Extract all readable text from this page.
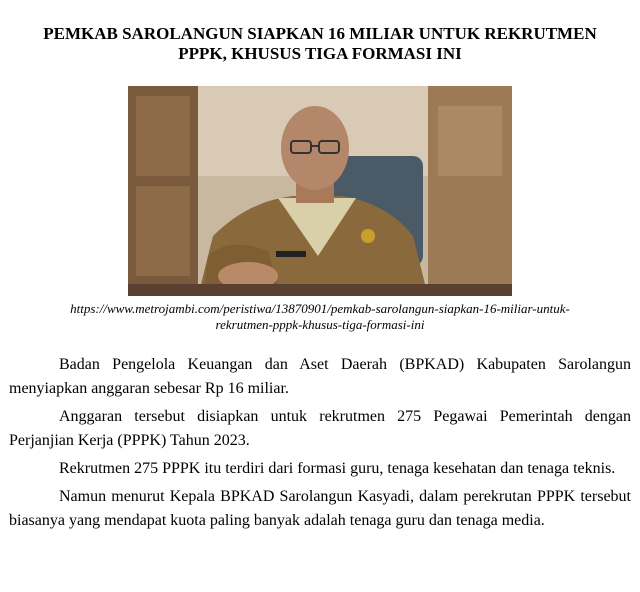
PEMKAB SAROLANGUN SIAPKAN 16 MILIAR UNTUK REKRUTMEN
PPPK, KHUSUS TIGA FORMASI INI
https://www.metrojambi.com/peristiwa/13870901/pemkab-sarolangun-siapkan-16-miliar-untuk-
rekrutmen-pppk-khusus-tiga-formasi-ini

Badan Pengelola Keuangan dan Aset Daerah (BPKAD) Kabupaten Sarolangun menyiapkan anggaran sebesar Rp 16 miliar.

Anggaran tersebut disiapkan untuk rekrutmen 275 Pegawai Pemerintah dengan Perjanjian Kerja (PPPK) Tahun 2023.

Rekrutmen 275 PPPK itu terdiri dari formasi guru, tenaga kesehatan dan tenaga teknis.

Namun menurut Kepala BPKAD Sarolangun Kasyadi, dalam perekrutan PPPK tersebut biasanya yang mendapat kuota paling banyak adalah tenaga guru dan tenaga media.
